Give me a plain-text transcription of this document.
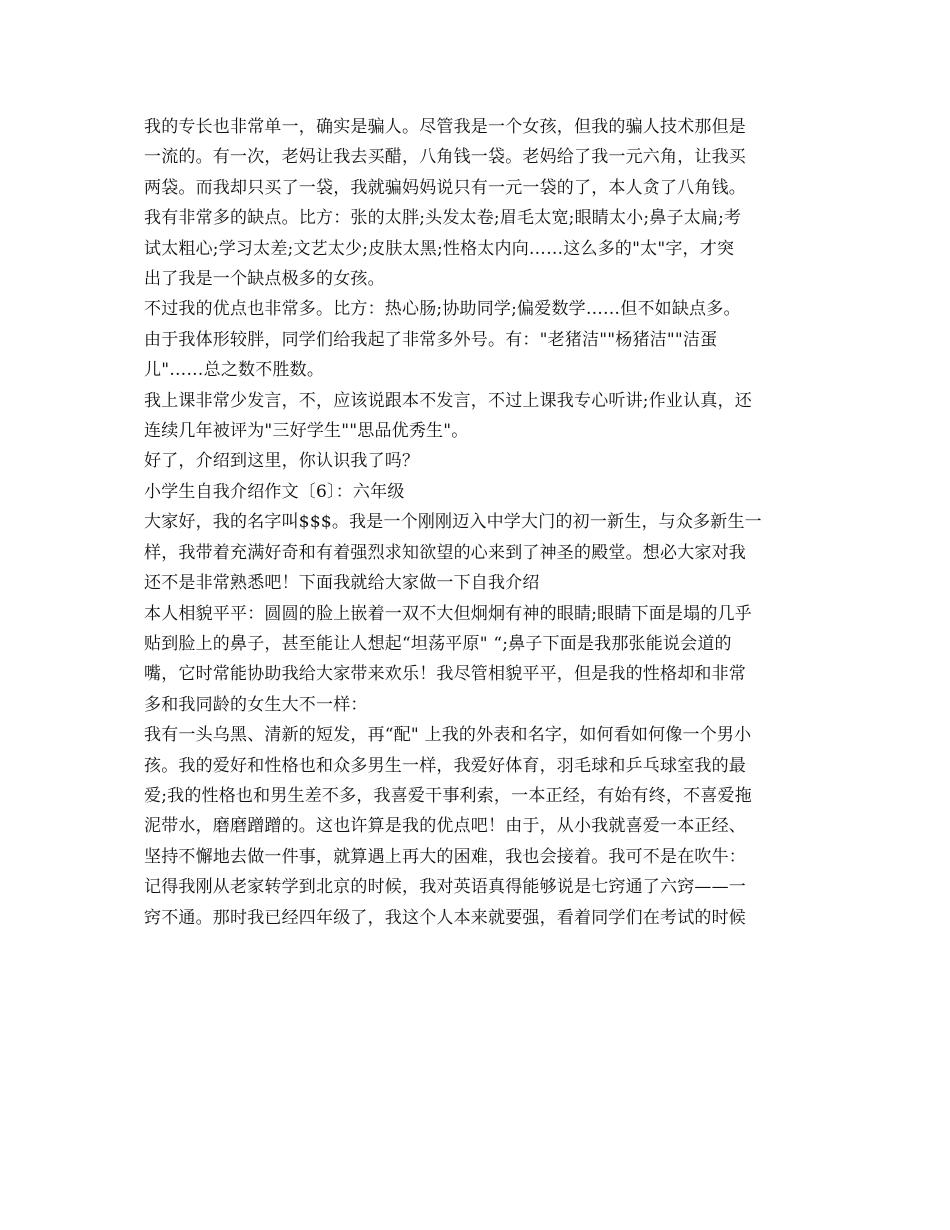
我的专长也非常单一，确实是骗人。尽管我是一个女孩，但我的骗人技术那但是
一流的。有一次，老妈让我去买醋，八角钱一袋。老妈给了我一元六角，让我买
两袋。而我却只买了一袋，我就骗妈妈说只有一元一袋的了，本人贪了八角钱。
我有非常多的缺点。比方：张的太胖;头发太卷;眉毛太宽;眼睛太小;鼻子太扁;考
试太粗心;学习太差;文艺太少;皮肤太黑;性格太内向……这么多的"太"字，才突
出了我是一个缺点极多的女孩。
不过我的优点也非常多。比方：热心肠;协助同学;偏爱数学……但不如缺点多。
由于我体形较胖，同学们给我起了非常多外号。有："老猪洁""杨猪洁""洁蛋
儿"……总之数不胜数。
我上课非常少发言，不，应该说跟本不发言，不过上课我专心听讲;作业认真，还
连续几年被评为"三好学生""思品优秀生"。
好了，介绍到这里，你认识我了吗？
小学生自我介绍作文〔6〕：六年级
大家好，我的名字叫$$$。我是一个刚刚迈入中学大门的初一新生，与众多新生一
样，我带着充满好奇和有着强烈求知欲望的心来到了神圣的殿堂。想必大家对我
还不是非常熟悉吧！下面我就给大家做一下自我介绍
本人相貌平平：圆圆的脸上嵌着一双不大但炯炯有神的眼睛;眼睛下面是塌的几乎
贴到脸上的鼻子，甚至能让人想起“坦荡平原" “;鼻子下面是我那张能说会道的
嘴，它时常能协助我给大家带来欢乐！我尽管相貌平平，但是我的性格却和非常
多和我同龄的女生大不一样：
我有一头乌黑、清新的短发，再“配" 上我的外表和名字，如何看如何像一个男小
孩。我的爱好和性格也和众多男生一样，我爱好体育，羽毛球和乒乓球室我的最
爱;我的性格也和男生差不多，我喜爱干事利索，一本正经，有始有终，不喜爱拖
泥带水，磨磨蹭蹭的。这也许算是我的优点吧！由于，从小我就喜爱一本正经、
坚持不懈地去做一件事，就算遇上再大的困难，我也会接着。我可不是在吹牛：
记得我刚从老家转学到北京的时候，我对英语真得能够说是七窍通了六窍——一
窍不通。那时我已经四年级了，我这个人本来就要强，看着同学们在考试的时候
